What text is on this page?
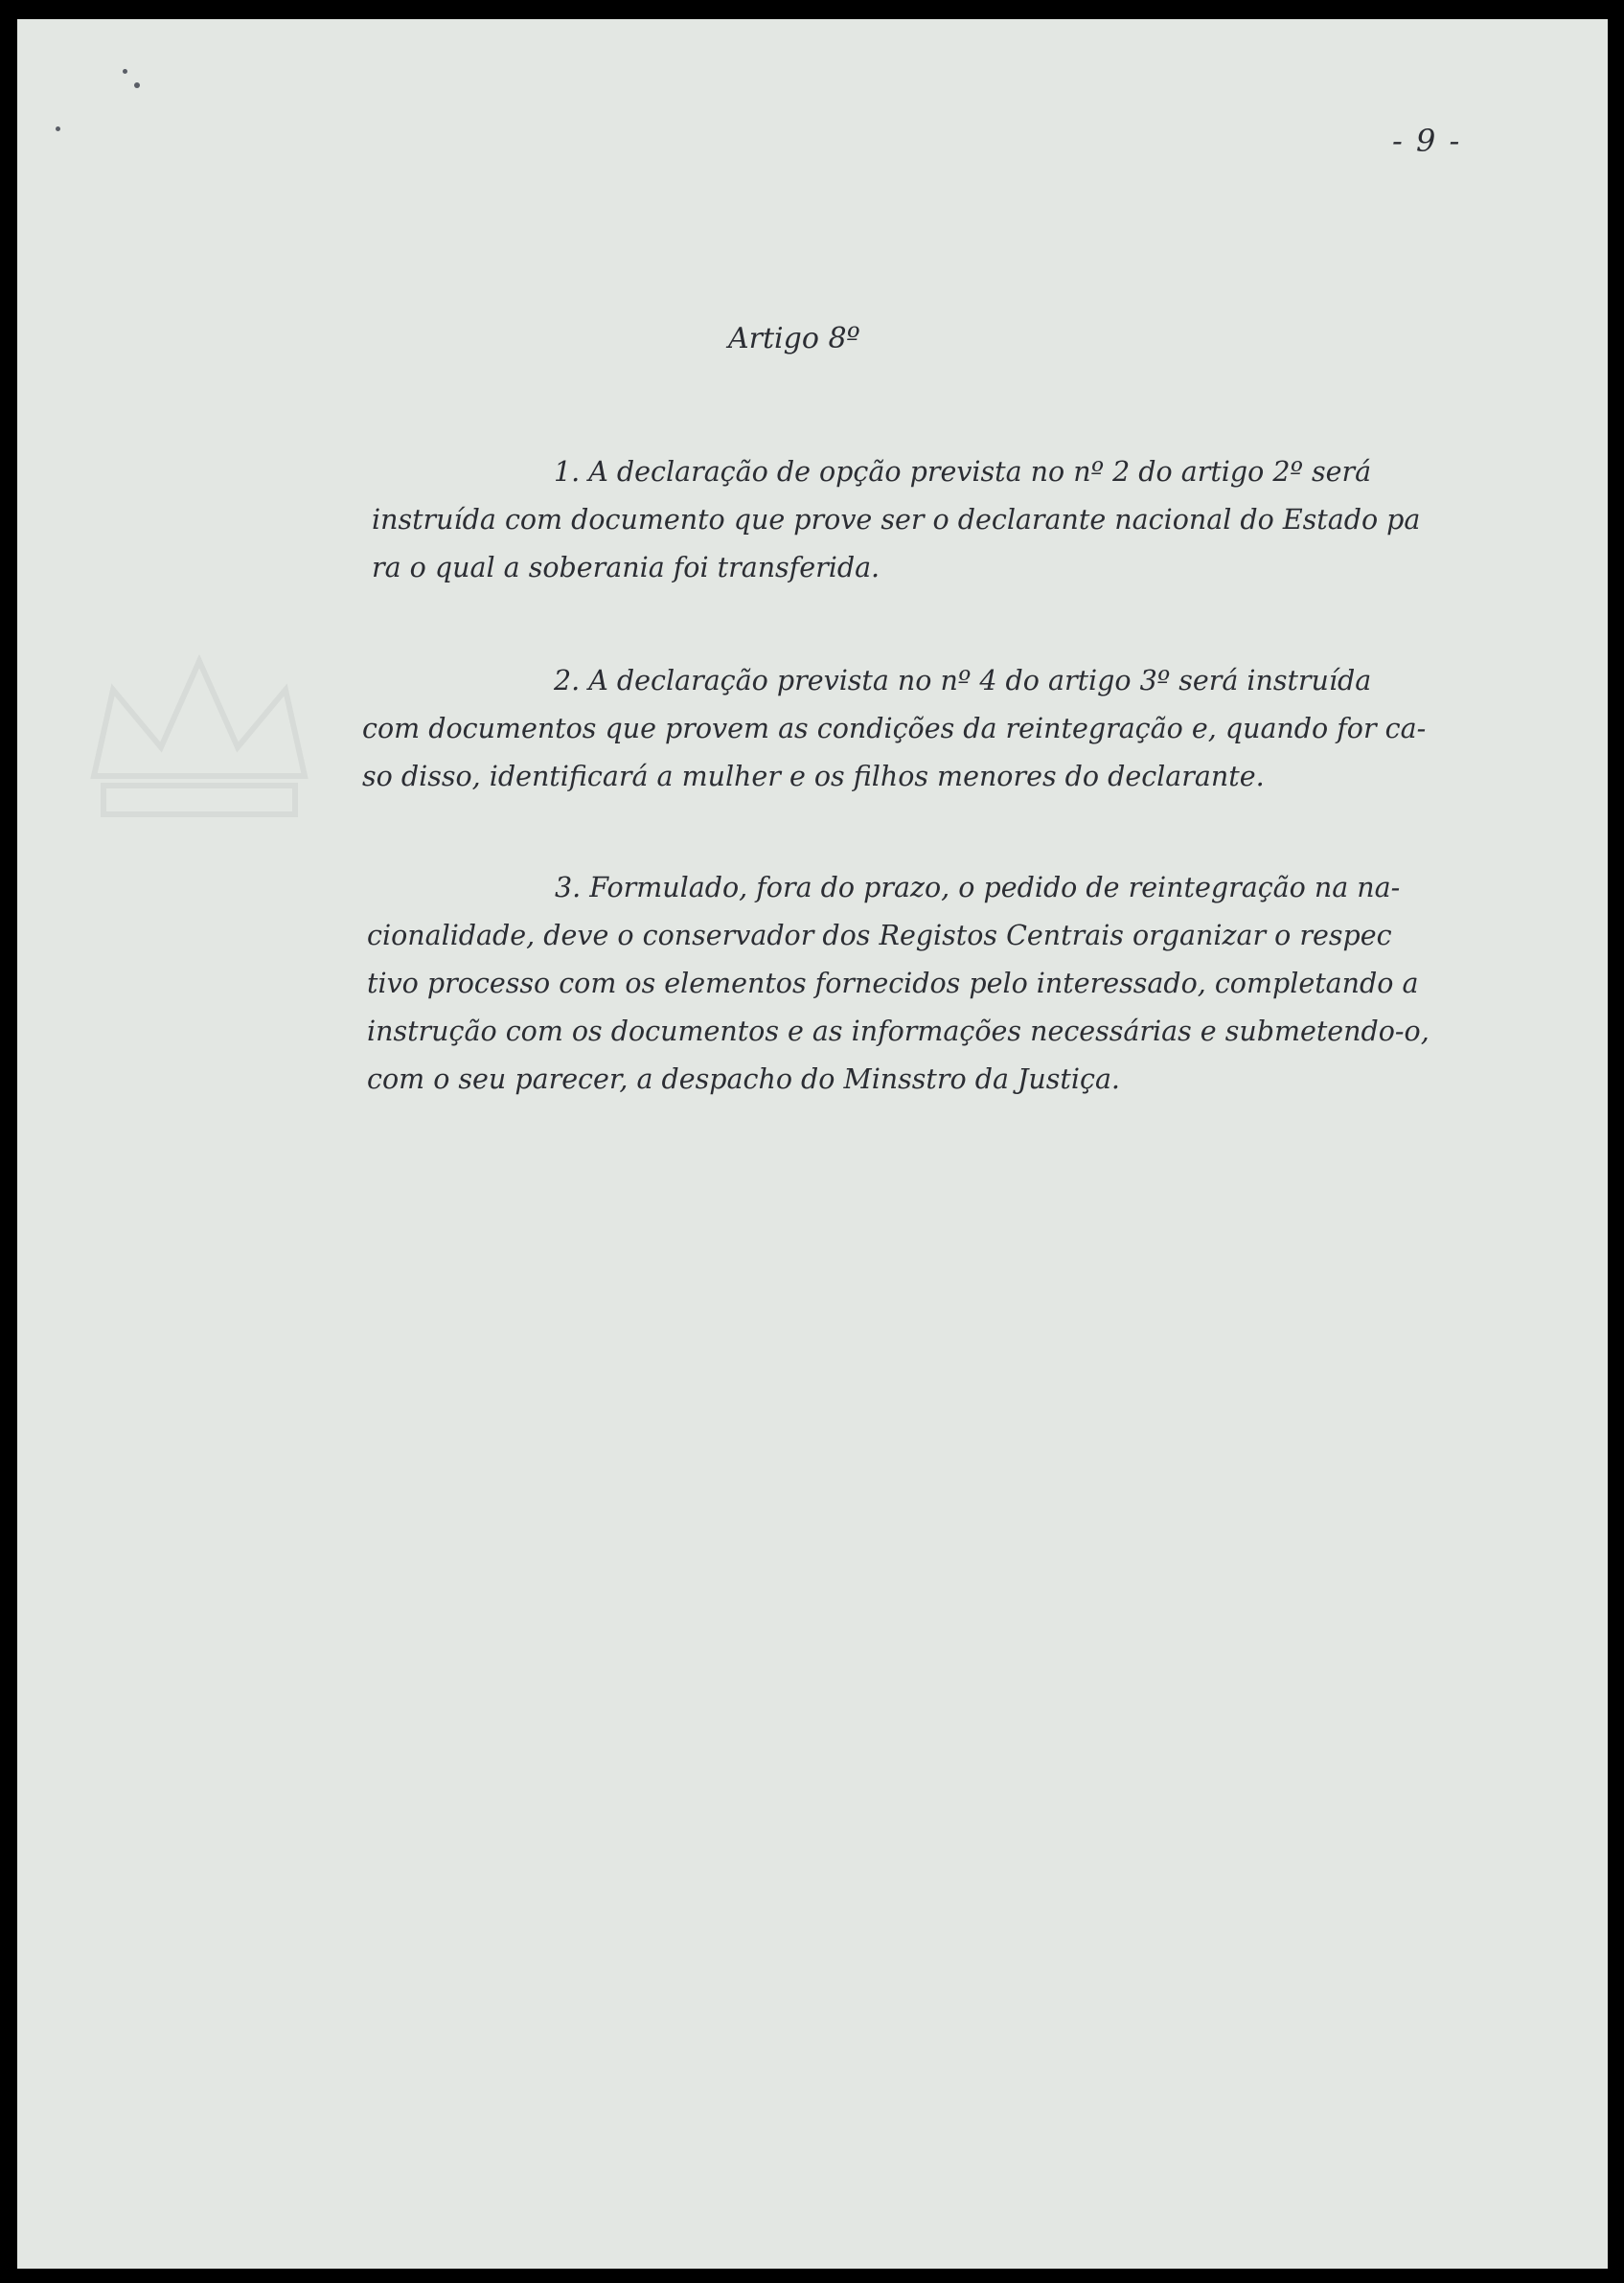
- 9 -
Artigo 8º
1. A declaração de opção prevista no nº 2 do artigo 2º será
instruída com documento que prove ser o declarante nacional do Estado pa
ra o qual a soberania foi transferida.
2. A declaração prevista no nº 4 do artigo 3º será instruída
com documentos que provem as condições da reintegração e, quando for ca-
so disso, identificará a mulher e os filhos menores do declarante.
3. Formulado, fora do prazo, o pedido de reintegração na na-
cionalidade, deve o conservador dos Registos Centrais organizar o respec
tivo processo com os elementos fornecidos pelo interessado, completando a
instrução com os documentos e as informações necessárias e submetendo-o,
com o seu parecer, a despacho do Minsstro da Justiça.
